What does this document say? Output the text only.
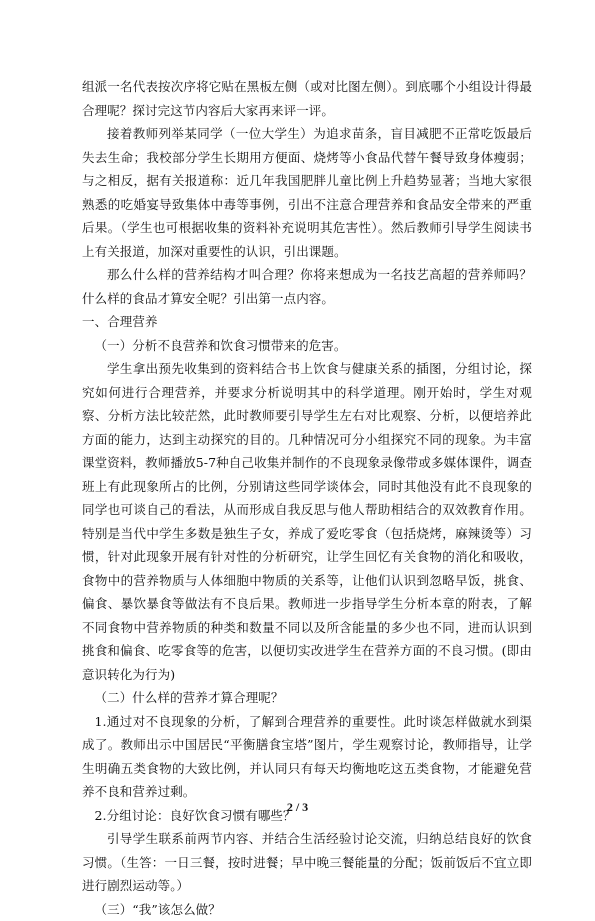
组派一名代表按次序将它贴在黑板左侧（或对比图左侧）。到底哪个小组设计得最合理呢？探讨完这节内容后大家再来评一评。

接着教师列举某同学（一位大学生）为追求苗条，盲目减肥不正常吃饭最后失去生命；我校部分学生长期用方便面、烧烤等小食品代替午餐导致身体瘦弱；与之相反，据有关报道称：近几年我国肥胖儿童比例上升趋势显著；当地大家很熟悉的吃婚宴导致集体中毒等事例，引出不注意合理营养和食品安全带来的严重后果。（学生也可根据收集的资料补充说明其危害性）。然后教师引导学生阅读书上有关报道，加深对重要性的认识，引出课题。

那么什么样的营养结构才叫合理？你将来想成为一名技艺高超的营养师吗？什么样的食品才算安全呢？引出第一点内容。

一、合理营养

（一）分析不良营养和饮食习惯带来的危害。

学生拿出预先收集到的资料结合书上饮食与健康关系的插图，分组讨论，探究如何进行合理营养，并要求分析说明其中的科学道理。刚开始时，学生对观察、分析方法比较茫然，此时教师要引导学生左右对比观察、分析，以便培养此方面的能力，达到主动探究的目的。几种情况可分小组探究不同的现象。为丰富课堂资料，教师播放5-7种自己收集并制作的不良现象录像带或多媒体课件，调查班上有此现象所占的比例，分别请这些同学谈体会，同时其他没有此不良现象的同学也可谈自己的看法，从而形成自我反思与他人帮助相结合的双效教育作用。特别是当代中学生多数是独生子女，养成了爱吃零食（包括烧烤，麻辣烫等）习惯，针对此现象开展有针对性的分析研究，让学生回忆有关食物的消化和吸收，食物中的营养物质与人体细胞中物质的关系等，让他们认识到忽略早饭，挑食、偏食、暴饮暴食等做法有不良后果。教师进一步指导学生分析本章的附表，了解不同食物中营养物质的种类和数量不同以及所含能量的多少也不同，进而认识到挑食和偏食、吃零食等的危害，以便切实改进学生在营养方面的不良习惯。(即由意识转化为行为)

（二）什么样的营养才算合理呢？

1.通过对不良现象的分析，了解到合理营养的重要性。此时谈怎样做就水到渠成了。教师出示中国居民“平衡膳食宝塔”图片，学生观察讨论，教师指导，让学生明确五类食物的大致比例，并认同只有每天均衡地吃这五类食物，才能避免营养不良和营养过剩。

2.分组讨论：良好饮食习惯有哪些？

引导学生联系前两节内容、并结合生活经验讨论交流，归纳总结良好的饮食习惯。（生答：一日三餐，按时进餐；早中晚三餐能量的分配；饭前饭后不宜立即进行剧烈运动等。）

（三）“我”该怎么做？

2 / 3
